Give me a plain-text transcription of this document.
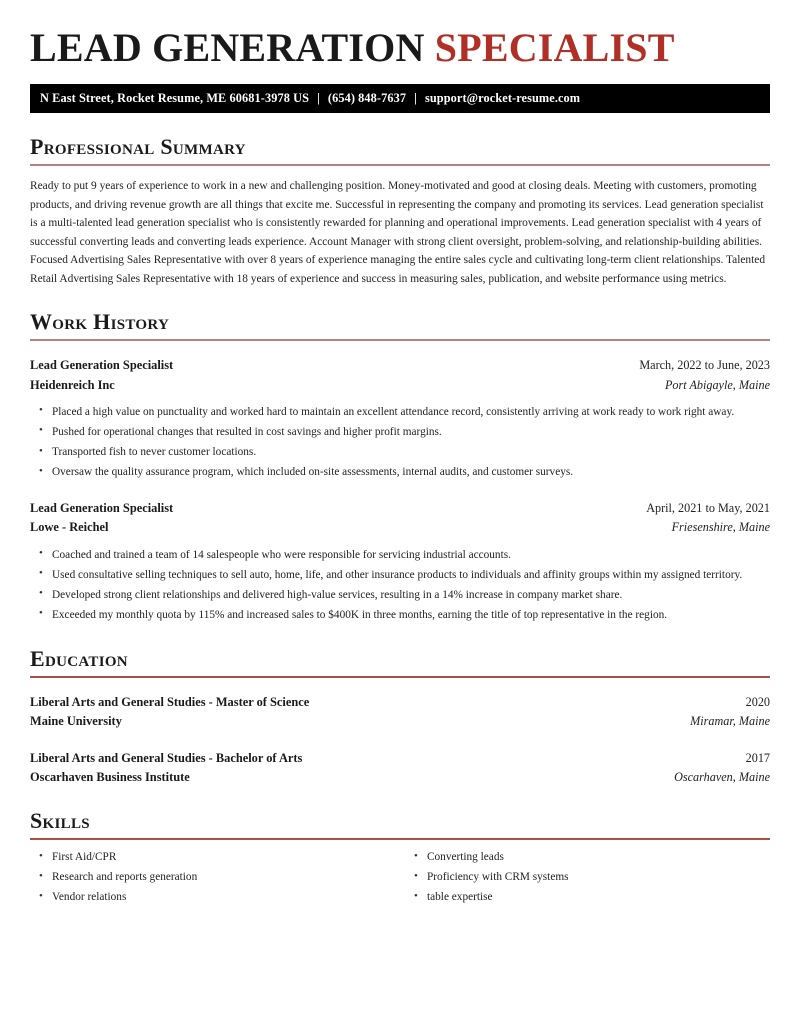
LEAD GENERATION SPECIALIST
N East Street, Rocket Resume, ME 60681-3978 US | (654) 848-7637 | support@rocket-resume.com
Professional Summary

Ready to put 9 years of experience to work in a new and challenging position. Money-motivated and good at closing deals. Meeting with customers, promoting products, and driving revenue growth are all things that excite me. Successful in representing the company and promoting its services. Lead generation specialist is a multi-talented lead generation specialist who is consistently rewarded for planning and operational improvements. Lead generation specialist with 4 years of successful converting leads and converting leads experience. Account Manager with strong client oversight, problem-solving, and relationship-building abilities. Focused Advertising Sales Representative with over 8 years of experience managing the entire sales cycle and cultivating long-term client relationships. Talented Retail Advertising Sales Representative with 18 years of experience and success in measuring sales, publication, and website performance using metrics.

Work History
Lead Generation Specialist	March, 2022 to June, 2023
Heidenreich Inc	Port Abigayle, Maine
• Placed a high value on punctuality and worked hard to maintain an excellent attendance record, consistently arriving at work ready to work right away.
• Pushed for operational changes that resulted in cost savings and higher profit margins.
• Transported fish to never customer locations.
• Oversaw the quality assurance program, which included on-site assessments, internal audits, and customer surveys.
Lead Generation Specialist	April, 2021 to May, 2021
Lowe - Reichel	Friesenshire, Maine
• Coached and trained a team of 14 salespeople who were responsible for servicing industrial accounts.
• Used consultative selling techniques to sell auto, home, life, and other insurance products to individuals and affinity groups within my assigned territory.
• Developed strong client relationships and delivered high-value services, resulting in a 14% increase in company market share.
• Exceeded my monthly quota by 115% and increased sales to $400K in three months, earning the title of top representative in the region.
Education
Liberal Arts and General Studies - Master of Science	2020
Maine University	Miramar, Maine
Liberal Arts and General Studies - Bachelor of Arts	2017
Oscarhaven Business Institute	Oscarhaven, Maine
Skills
• First Aid/CPR
• Research and reports generation
• Vendor relations
• Converting leads
• Proficiency with CRM systems
• table expertise
